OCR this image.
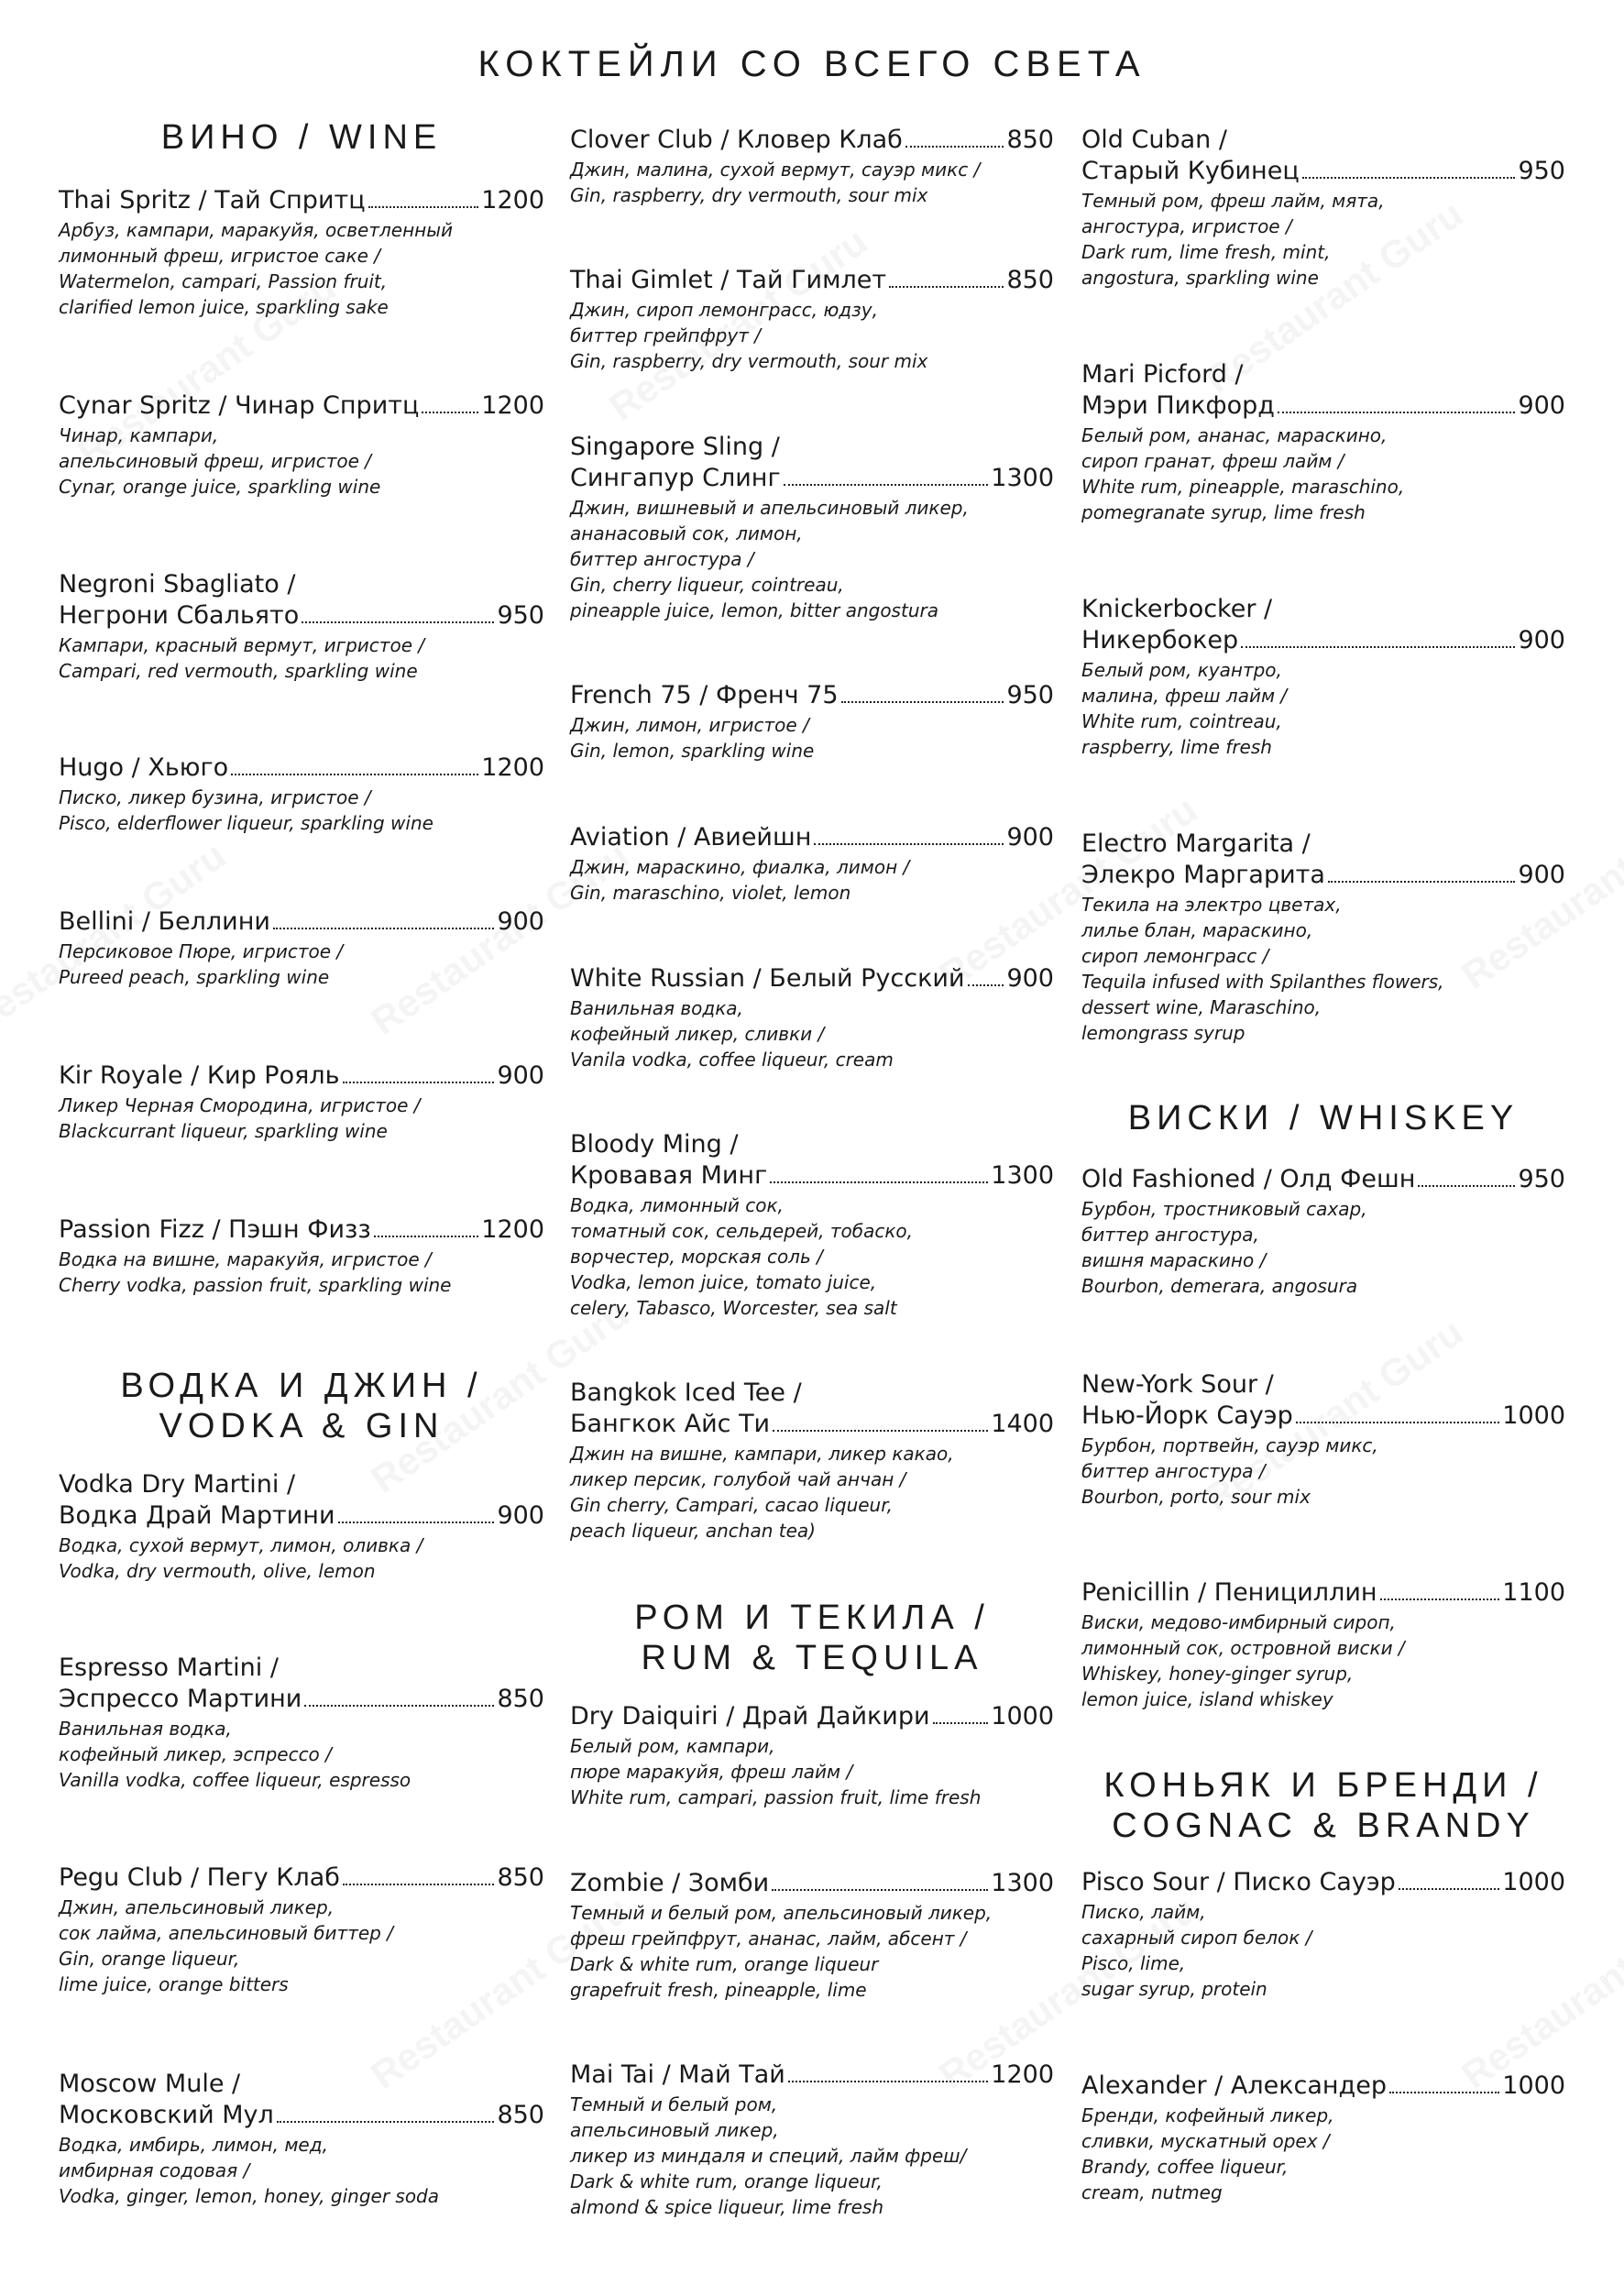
КОКТЕЙЛИ СО ВСЕГО СВЕТА
ВИНО / WINE
Thai Spritz / Тай Спритц	1200
Арбуз, кампари, маракуйя, осветленный
лимонный фреш, игристое саке /
Watermelon, campari, Passion fruit,
clarified lemon juice, sparkling sake
Cynar Spritz / Чинар Спритц	1200
Чинар, кампари,
апельсиновый фреш, игристое /
Cynar, orange juice, sparkling wine
Negroni Sbagliato /
Негрони Сбальято	950
Кампари, красный вермут, игристое /
Campari, red vermouth, sparkling wine
Hugo / Хьюго	1200
Писко, ликер бузина, игристое /
Pisco, elderflower liqueur, sparkling wine
Bellini / Беллини	900
Персиковое Пюре, игристое /
Pureed peach, sparkling wine
Kir Royale / Кир Рояль	900
Ликер Черная Смородина, игристое /
Blackcurrant liqueur, sparkling wine
Passion Fizz / Пэшн Физз	1200
Водка на вишне, маракуйя, игристое /
Cherry vodka, passion fruit, sparkling wine
ВОДКА И ДЖИН /
VODKA & GIN
Vodka Dry Martini /
Водка Драй Мартини	900
Водка, сухой вермут, лимон, оливка /
Vodka, dry vermouth, olive, lemon
Espresso Martini /
Эспрессо Мартини	850
Ванильная водка,
кофейный ликер, эспрессо /
Vanilla vodka, coffee liqueur, espresso
Pegu Club / Пегу Клаб	850
Джин, апельсиновый ликер,
сок лайма, апельсиновый биттер /
Gin, orange liqueur,
lime juice, orange bitters
Moscow Mule /
Московский Мул	850
Водка, имбирь, лимон, мед,
имбирная содовая /
Vodka, ginger, lemon, honey, ginger soda
Clover Club / Кловер Клаб	850
Джин, малина, сухой вермут, сауэр микс /
Gin, raspberry, dry vermouth, sour mix
Thai Gimlet / Тай Гимлет	850
Джин, сироп лемонграсс, юдзу,
биттер грейпфрут /
Gin, raspberry, dry vermouth, sour mix
Singapore Sling /
Сингапур Слинг	1300
Джин, вишневый и апельсиновый ликер,
ананасовый сок, лимон,
биттер ангостура /
Gin, cherry liqueur, cointreau,
pineapple juice, lemon, bitter angostura
French 75 / Френч 75	950
Джин, лимон, игристое /
Gin, lemon, sparkling wine
Aviation / Авиейшн	900
Джин, мараскино, фиалка, лимон /
Gin, maraschino, violet, lemon
White Russian / Белый Русский 900
Ванильная водка,
кофейный ликер, сливки /
Vanila vodka, coffee liqueur, cream
Bloody Ming /
Кровавая Минг	1300
Водка, лимонный сок,
томатный сок, сельдерей, тобаско,
ворчестер, морская соль /
Vodka, lemon juice, tomato juice,
celery, Tabasco, Worcester, sea salt
Bangkok Iced Tee /
Бангкок Айс Ти	1400
Джин на вишне, кампари, ликер какао,
ликер персик, голубой чай анчан /
Gin cherry, Campari, cacao liqueur,
peach liqueur, anchan tea)
РОМ И ТЕКИЛА /
RUM & TEQUILA
Dry Daiquiri / Драй Дайкири 1000
Белый ром, кампари,
пюре маракуйя, фреш лайм /
White rum, campari, passion fruit, lime fresh
Zombie / Зомби	1300
Темный и белый ром, апельсиновый ликер,
фреш грейпфрут, ананас, лайм, абсент /
Dark & white rum, orange liqueur
grapefruit fresh, pineapple, lime
Mai Tai / Май Тай	1200
Темный и белый ром,
апельсиновый ликер,
ликер из миндаля и специй, лайм фреш/
Dark & white rum, orange liqueur,
almond & spice liqueur, lime fresh
Old Cuban /
Старый Кубинец	950
Темный ром, фреш лайм, мята,
ангостура, игристое /
Dark rum, lime fresh, mint,
angostura, sparkling wine
Mari Picford /
Мэри Пикфорд	900
Белый ром, ананас, мараскино,
сироп гранат, фреш лайм /
White rum, pineapple, maraschino,
pomegranate syrup, lime fresh
Knickerbocker /
Никербокер	900
Белый ром, куантро,
малина, фреш лайм /
White rum, cointreau,
raspberry, lime fresh
Electro Margarita /
Элекро Маргарита	900
Текила на электро цветах,
лилье блан, мараскино,
сироп лемонграсс /
Tequila infused with Spilanthes flowers,
dessert wine, Maraschino,
lemongrass syrup
ВИСКИ / WHISKEY
Old Fashioned / Олд Фешн	950
Бурбон, тростниковый сахар,
биттер ангостура,
вишня мараскино /
Bourbon, demerara, angosura
New-York Sour /
Нью-Йорк Сауэр	1000
Бурбон, портвейн, сауэр микс,
биттер ангостура /
Bourbon, porto, sour mix
Penicillin / Пенициллин	1100
Виски, медово-имбирный сироп,
лимонный сок, островной виски /
Whiskey, honey-ginger syrup,
lemon juice, island whiskey
КОНЬЯК И БРЕНДИ /
COGNAC & BRANDY
Pisco Sour / Писко Сауэр	1000
Писко, лайм,
сахарный сироп белок /
Pisco, lime,
sugar syrup, protein
Alexander / Александер	1000
Бренди, кофейный ликер,
сливки, мускатный орех /
Brandy, coffee liqueur,
cream, nutmeg
